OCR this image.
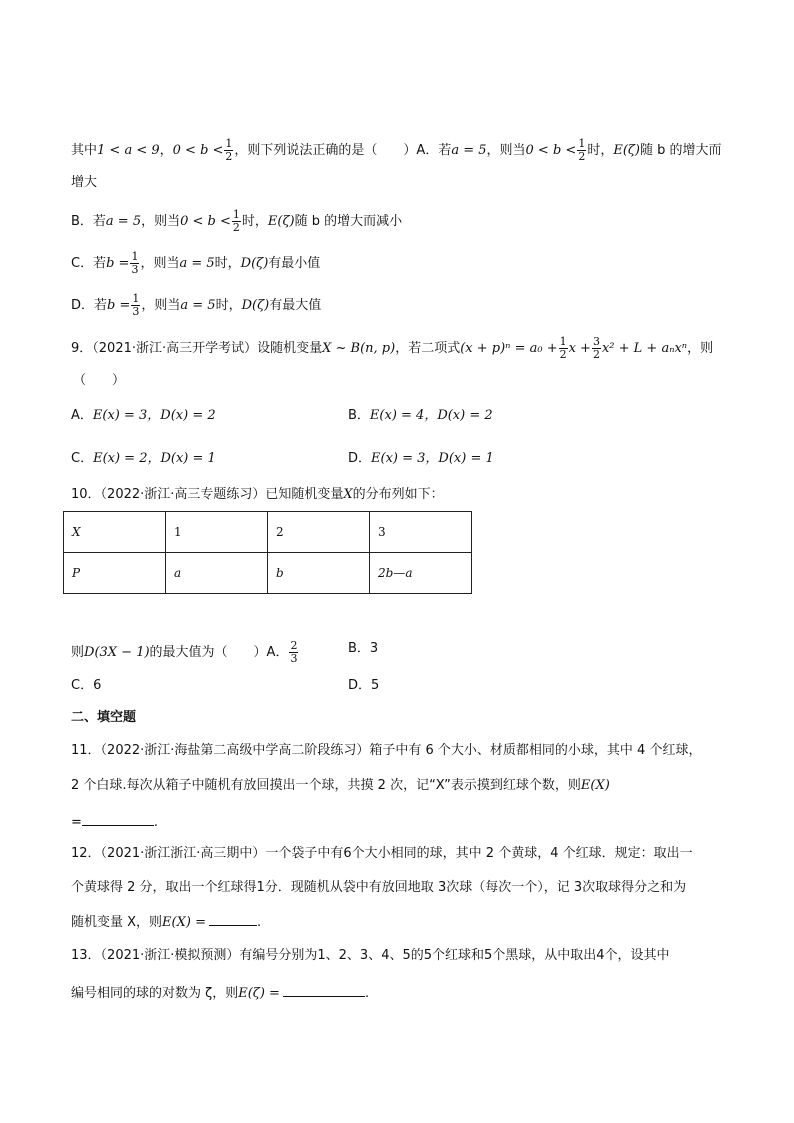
其中1 < a < 9，$0 < b < \frac{1}{2}$ ，则下列说法正确的是（　　）A．若a = 5，则当$0 < b < \frac{1}{2}$ 时，E(ζ)随 b 的增大而
增大
B．若a = 5，则当$0 < b < \frac{1}{2}$ 时，E(ζ)随 b 的增大而减小
C．若$b = \frac{1}{3}$ ，则当a = 5时，D(ζ)有最小值
D．若$b = \frac{1}{3}$ ，则当a = 5时，D(ζ)有最大值
9．（2021·浙江·高三开学考试）设随机变量X ~ B(n, p)，若二项式$(x + p)^n = a_0 + \frac{1}{2}$ $x + \frac{3}{2} x^2 + L + a_nx^n$，则
（　　）
A．E(x) = 3，D(x) = 2	B．E(x) = 4，D(x) = 2
C．E(x) = 2，D(x) = 1	D．E(x) = 3，D(x) = 1
10．（2022·浙江·高三专题练习）已知随机变量X的分布列如下：
X	1	2	3
P	a	b	2b—a
则D(3X − 1)的最大值为（　　）A． $\frac{2}{3}$	B．3
C．6	D．5
二、填空题
11．（2022·浙江·海盐第二高级中学高二阶段练习）箱子中有 6 个大小、材质都相同的小球，其中 4 个红球，
2 个白球.每次从箱子中随机有放回摸出一个球，共摸 2 次，记“X”表示摸到红球个数，则E(X)
=	.
12．（2021·浙江浙江·高三期中）一个袋子中有6个大小相同的球，其中 2 个黄球，4 个红球．规定：取出一
个黄球得 2 分，取出一个红球得1分．现随机从袋中有放回地取 3次球（每次一个），记 3次取球得分之和为
随机变量 X，则E(X) =	.
13．（2021·浙江·模拟预测）有编号分别为1、2、3、4、5的5个红球和5个黑球，从中取出4个，设其中
编号相同的球的对数为 ζ，则E(ζ) =	.
